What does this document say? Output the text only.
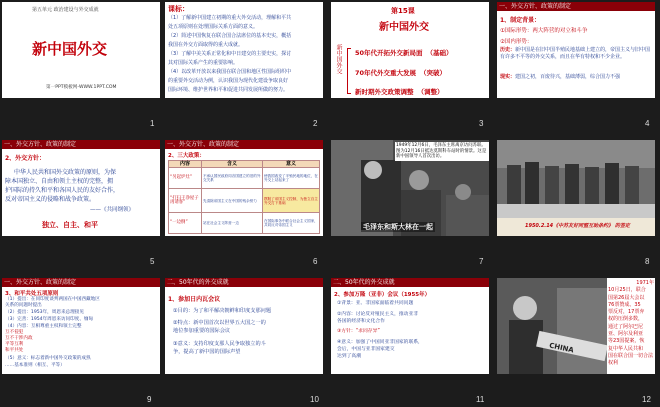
第五单元 政治建设与外交成就
新中国外交
第一PPT模板网-WWW.1PPT.COM
1
课标：
（1）了解新中国建立初期的重大外交活动，理解和平共
处五项原则在处理国际关系方面的意义。
（2）简述中国恢复在联合国合法席位的基本史实，概括
我国在外交方面取得的重大成就。
（3）了解中美关系正常化和中日建交的主要史实，探讨
其对国际关系产生的重要影响。
（4）以改革开放以来我国在联合国和地区性国际组织中
的重要外交活动为例，认识我国为现代化建设争取良好
国际环境、维护世界和平和促进共同发展所做的努力。
2
第15课
新中国外交
新中国外交 50年代开拓外交新局面 （基础）
70年代外交重大发展 （突破）
新时期外交政策调整 （调整）
3
一、外交方针、政策的制定
1、制定背景：
①国际形势：两大阵营的对立和斗争
②国内形势：
历史：新中国是在旧中国半殖民地基础上建立的，帝国主义与旧中国有许多不平等的外交关系，而且在华有特权和不少企业。
现实：建国之初，百废待兴，基础薄弱，综合国力不强
4
一、外交方针、政策的制定
2、外交方针：
中华人民共和国外交政策的原则，为保
障本国独立、自由和领土主权的完整，拥
护国际的持久和平和各国人民的友好合作，
反对帝国主义的侵略和战争政策。
——《共同纲领》
独立、自主、和平
5
一、外交方针、政策的制定
2、三大政策：
内容	含义	意义
“另起炉灶”	不承认国民政府同各国建立的旧的外交关系	使我国改变了半殖民地的地位，在外交上站起来了
“打扫干净屋子再请客”	先清除帝国主义在中国的残余势力	摆脱了帝国主义控制，为独立自主外交打下基础
“一边倒”	站在社会主义阵营一边	在国际事务中联合社会主义国家，共同反对帝国主义
6
1949年12月6日，毛泽东主席离京访问苏联。图为12月16日抵达莫斯科车站时的情景。这是新中国领导人首次出访。
毛泽东和斯大林在一起
7
1950.2.14《中苏友好同盟互助条约》 的签定
8
一、外交方针、政策的制定
3、和平共处五项原则
（1）提出：在同印度谈判两国在中国西藏地区
关系的问题时提出
（2）提出：1953年，周恩来总理接见
（3）完善：1954年周恩来访问印度、缅甸
（4）内容：互相尊重主权和领土完整
互不侵犯
互不干涉内政
平等互利
和平共处
（5）意义：标志着新中国外交政策的成熟
……基本准则（相互、平等）
9
二、50年代的外交成就
1、参加日内瓦会议
①目的：为了和平解决朝鲜和印度支那问题
②特点：新中国首次以世界五大国之一的
地位参加重要的国际会议
③意义：支持印度支那人民争取独立的斗
争，提高了新中国的国际声望
10
二、50年代的外交成就
2、参加万隆（亚非）会议（1955年）
①背景：亚、非国家面临着共同问题
②内容：讨论反对殖民主义，推动亚非
各国的经济和文化合作
③方针：“求同存异”
④意义：加强了中国同亚非国家的联系，
会后，中国与亚非国家建交
达到了高潮
11
CHINA
1971年
10月25日，联合
国第26届大会以
76票赞成、35
票反对，17票弃
权的压倒多数，
通过了阿尔巴尼
亚、阿尔及利亚
等23国提案，恢
复中华人民共和
国在联合国一切合法权利
12
